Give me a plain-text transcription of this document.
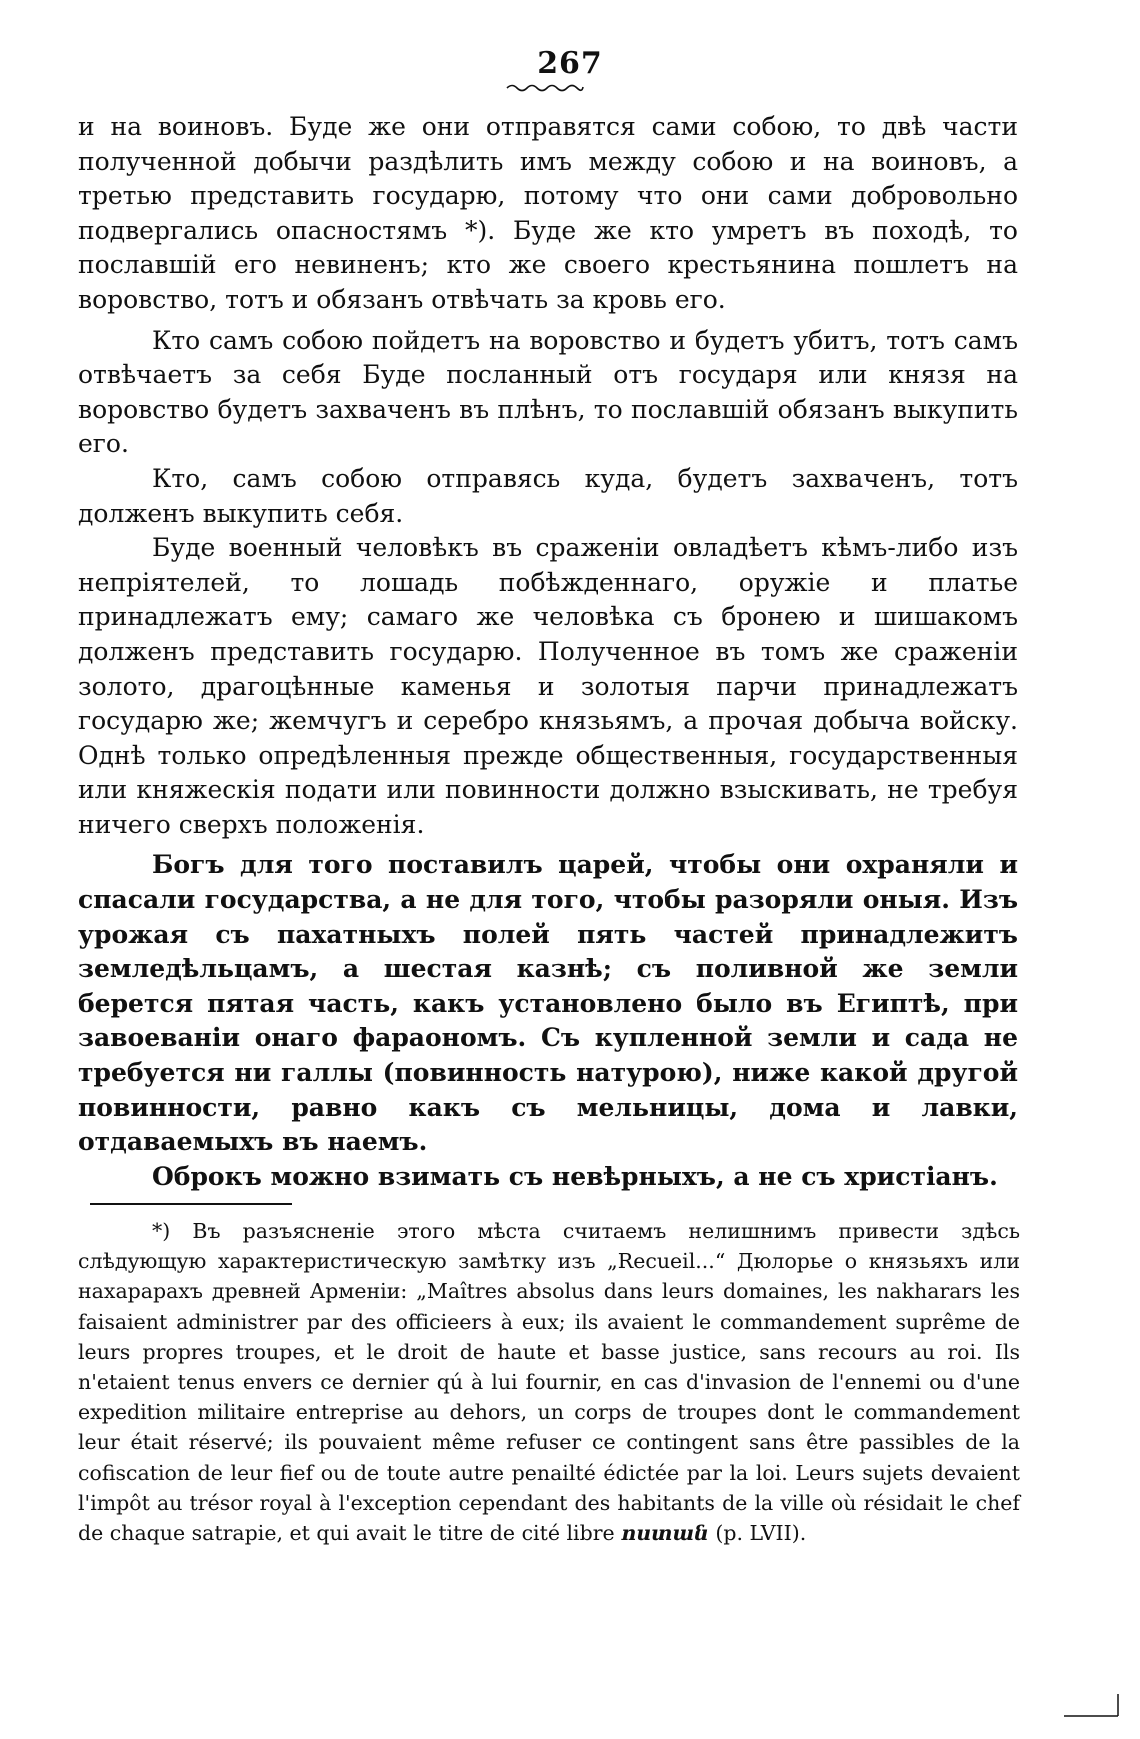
267

и на воиновъ. Буде же они отправятся сами собою, то двѣ части полученной добычи раздѣлить имъ между собою и на воиновъ, а третью представить государю, потому что они сами добровольно подвергались опасностямъ *). Буде же кто умретъ въ походѣ, то пославшій его невиненъ; кто же своего крестьянина пошлетъ на воровство, тотъ и обязанъ отвѣчать за кровь его.

Кто самъ собою пойдетъ на воровство и будетъ убитъ, тотъ самъ отвѣчаетъ за себя Буде посланный отъ государя или князя на воровство будетъ захваченъ въ плѣнъ, то пославшій обязанъ выкупить его.

Кто, самъ собою отправясь куда, будетъ захваченъ, тотъ долженъ выкупить себя.

Буде военный человѣкъ въ сраженіи овладѣетъ кѣмъ-либо изъ непріятелей, то лошадь побѣжденнаго, оружіе и платье принадлежатъ ему; самаго же человѣка съ бронею и шишакомъ долженъ представить государю. Полученное въ томъ же сраженіи золото, драгоцѣнные каменья и золотыя парчи принадлежатъ государю же; жемчугъ и серебро князьямъ, а прочая добыча войску. Однѣ только опредѣленныя прежде общественныя, государственныя или княжескія подати или повинности должно взыскивать, не требуя ничего сверхъ положенія.

Богъ для того поставилъ царей, чтобы они охраняли и спасали государства, а не для того, чтобы разоряли оныя. Изъ урожая съ пахатныхъ полей пять частей принадлежитъ земледѣльцамъ, а шестая казнѣ; съ поливной же земли берется пятая часть, какъ установлено было въ Египтѣ, при завоеваніи онаго фараономъ. Съ купленной земли и сада не требуется ни галлы (повинность натурою), ниже какой другой повинности, равно какъ съ мельницы, дома и лавки, отдаваемыхъ въ наемъ.

Оброкъ можно взимать съ невѣрныхъ, а не съ христіанъ.

*) Въ разъясненіе этого мѣста считаемъ нелишнимъ привести здѣсь слѣдующую характеристическую замѣтку изъ „Recueil...“ Дюлорье о князьяхъ или нахарарахъ древней Арменіи: „Maîtres absolus dans leurs domaines, les nakharars les faisaient administrer par des officieers à eux; ils avaient le commandement suprême de leurs propres troupes, et le droit de haute et basse justice, sans recours au roi. Ils n'etaient tenus envers ce dernier qú à lui fournir, en cas d'invasion de l'ennemi ou d'une expedition militaire entreprise au dehors, un corps de troupes dont le commandement leur était réservé; ils pouvaient même refuser ce contingent sans être passibles de la cofiscation de leur fief ou de toute autre penailté édictée par la loi. Leurs sujets devaient l'impôt au trésor royal à l'exception cependant des habitants de la ville où résidait le chef de chaque satrapie, et qui avait le titre de cité libre ոստան (p. LVII).
